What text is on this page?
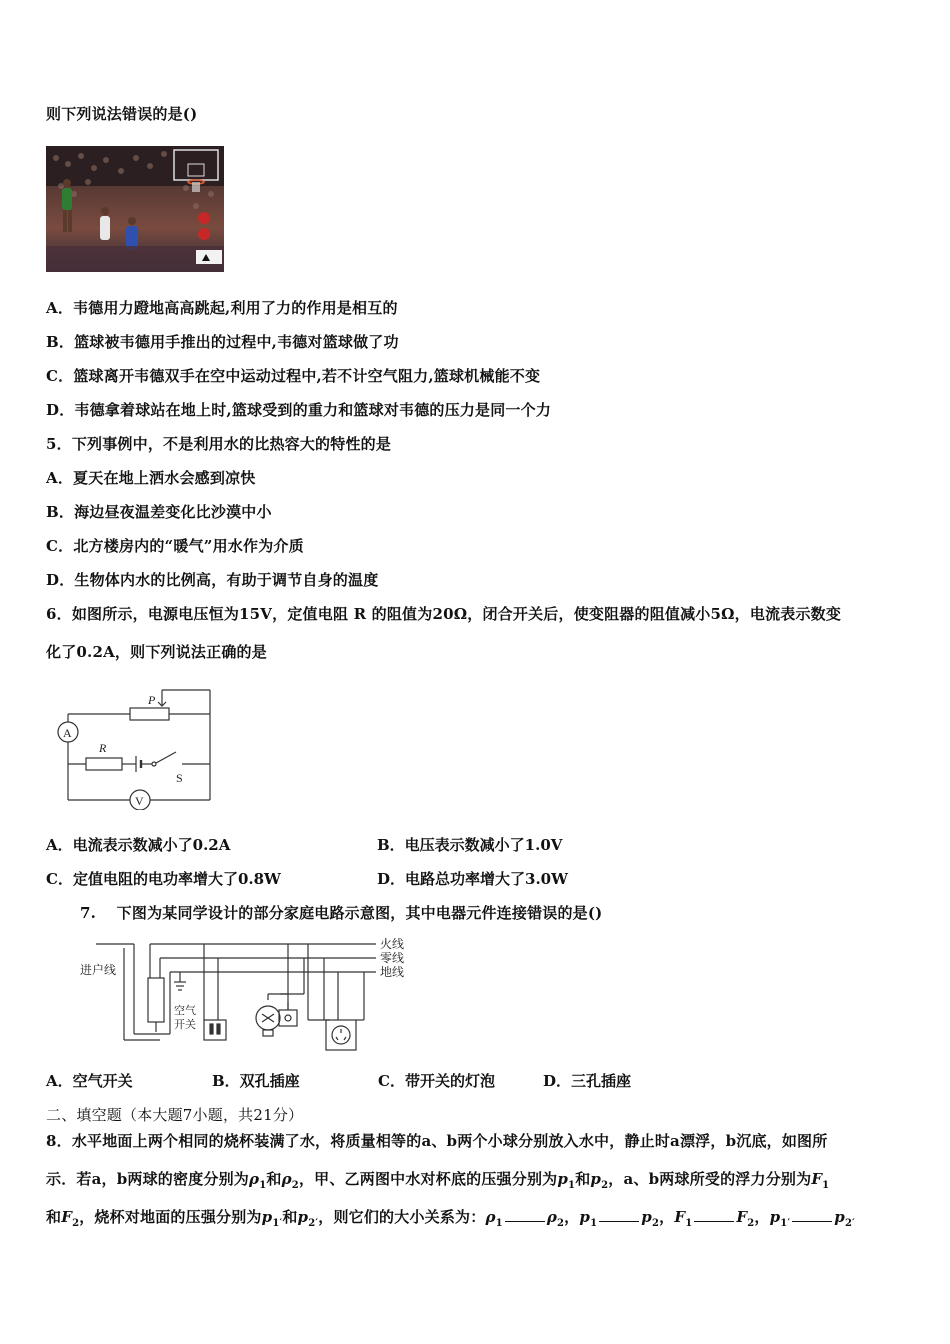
则下列说法错误的是()
A．韦德用力蹬地高高跳起,利用了力的作用是相互的
B．篮球被韦德用手推出的过程中,韦德对篮球做了功
C．篮球离开韦德双手在空中运动过程中,若不计空气阻力,篮球机械能不变
D．韦德拿着球站在地上时,篮球受到的重力和篮球对韦德的压力是同一个力
5．下列事例中，不是利用水的比热容大的特性的是
A．夏天在地上洒水会感到凉快
B．海边昼夜温差变化比沙漠中小
C．北方楼房内的“暖气”用水作为介质
D．生物体内水的比例高，有助于调节自身的温度
6．如图所示，电源电压恒为15V，定值电阻 R 的阻值为20Ω，闭合开关后，使变阻器的阻值减小5Ω，电流表示数变
化了0.2A，则下列说法正确的是
P
A
R
S
V
A．电流表示数减小了0.2A	B．电压表示数减小了1.0V
C．定值电阻的电功率增大了0.8W	D．电路总功率增大了3.0W
7.　 下图为某同学设计的部分家庭电路示意图，其中电器元件连接错误的是()
进户线
空气
开关
火线
零线
地线
A．空气开关	B．双孔插座	C．带开关的灯泡	D．三孔插座
二、填空题（本大题7小题，共21分）
8．水平地面上两个相同的烧杯装满了水，将质量相等的a、b两个小球分别放入水中，静止时a漂浮，b沉底，如图所
示．若a，b两球的密度分别为$\rho_1$和$\rho_2$，甲、乙两图中水对杯底的压强分别为$p_1$和$p_2$，a、b两球所受的浮力分别为$F_1$
和$F_2$，烧杯对地面的压强分别为$p_{1'}$和$p_{2'}$，则它们的大小关系为：$\rho_1$	$\rho_2$，$p_1$	$p_2$，$F_1$	$F_2$，$p_{1'}$	$p_{2'}$
